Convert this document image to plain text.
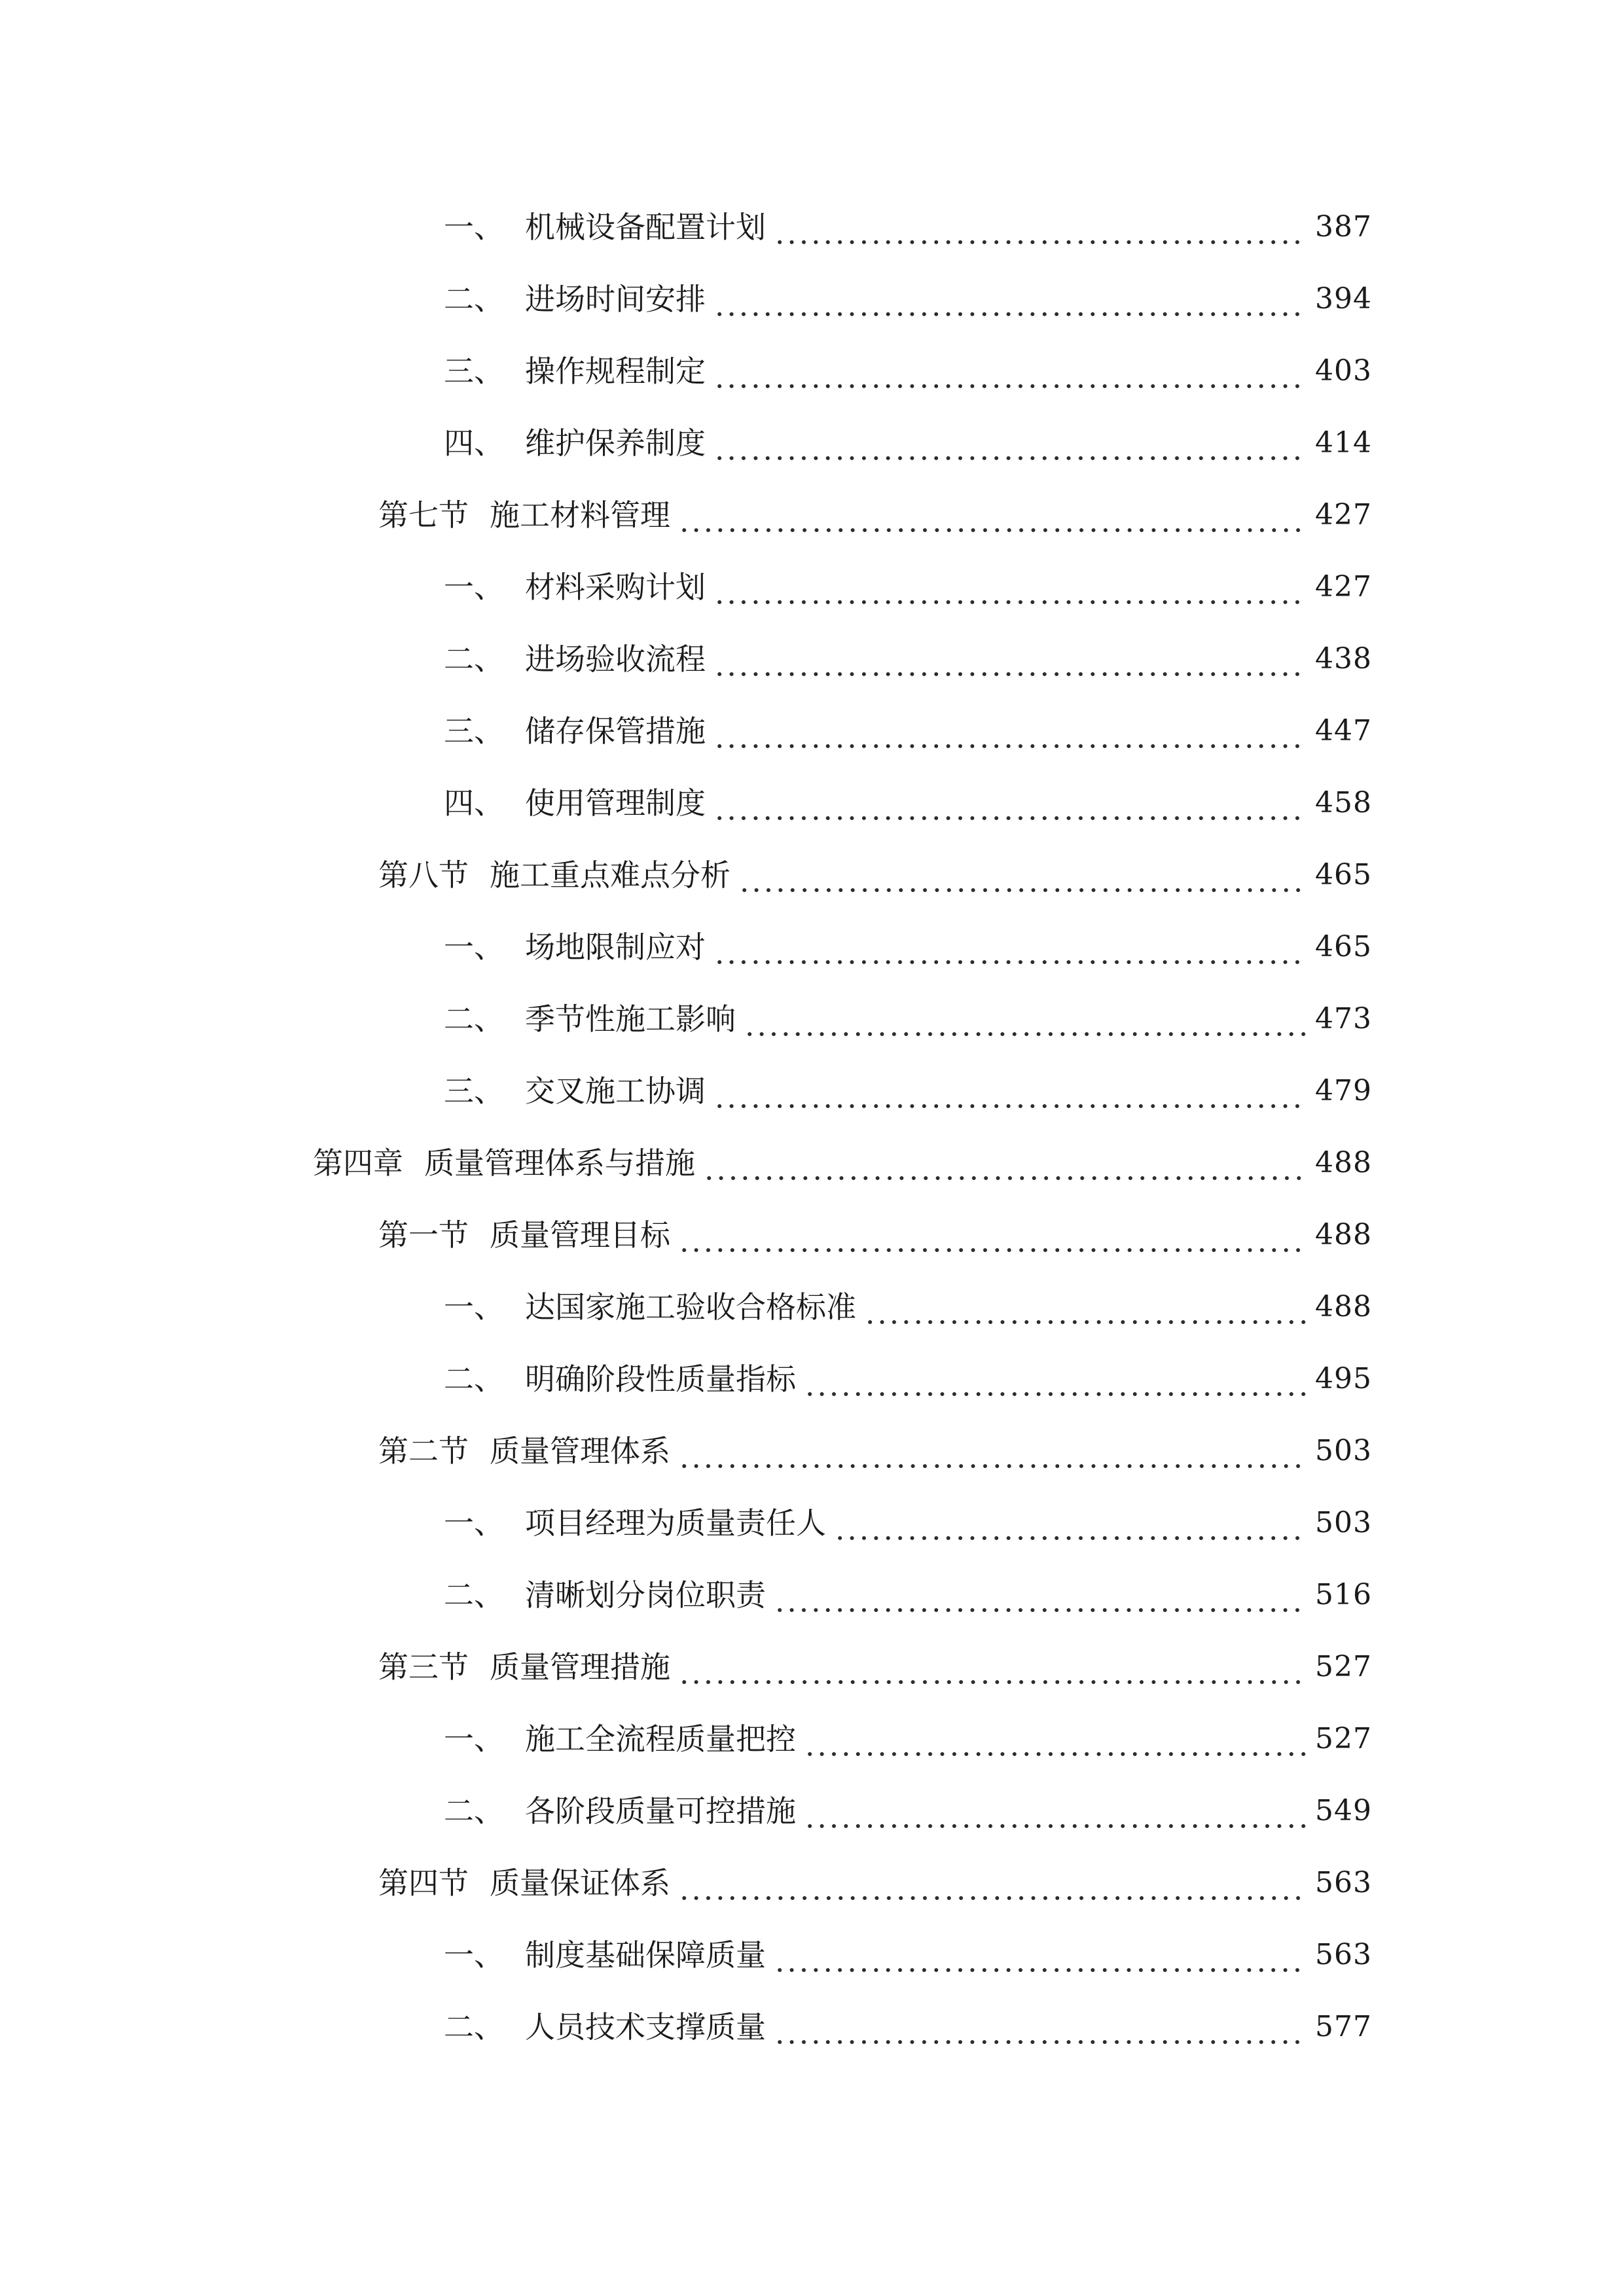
一、 机械设备配置计划	387
二、 进场时间安排	394
三、 操作规程制定	403
四、 维护保养制度	414
第七节 施工材料管理	427
一、 材料采购计划	427
二、 进场验收流程	438
三、 储存保管措施	447
四、 使用管理制度	458
第八节 施工重点难点分析	465
一、 场地限制应对	465
二、 季节性施工影响	473
三、 交叉施工协调	479
第四章 质量管理体系与措施	488
第一节 质量管理目标	488
一、 达国家施工验收合格标准	488
二、 明确阶段性质量指标	495
第二节 质量管理体系	503
一、 项目经理为质量责任人	503
二、 清晰划分岗位职责	516
第三节 质量管理措施	527
一、 施工全流程质量把控	527
二、 各阶段质量可控措施	549
第四节 质量保证体系	563
一、 制度基础保障质量	563
二、 人员技术支撑质量	577
